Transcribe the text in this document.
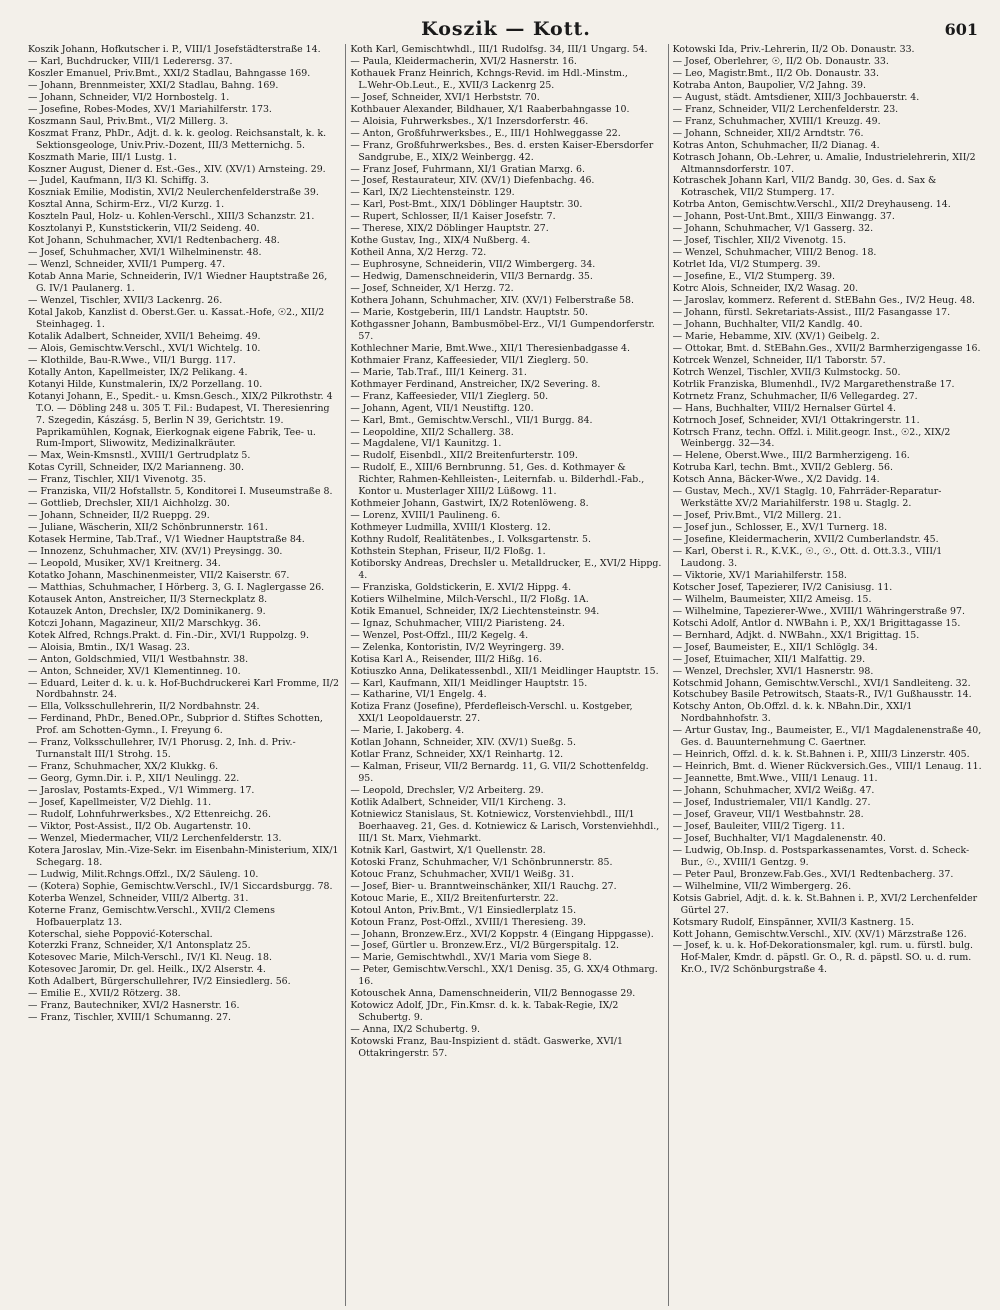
Koszik — Kott.	601

Koszik Johann, Hofkutscher i. P., VIII/1 Josefstädterstraße 14.

— Karl, Buchdrucker, VIII/1 Lederersg. 37.

Koszler Emanuel, Priv.Bmt., XXI/2 Stadlau, Bahngasse 169.

— Johann, Brennmeister, XXI/2 Stadlau, Bahng. 169.

— Johann, Schneider, VI/2 Hornbostelg. 1.

— Josefine, Robes-Modes, XV/1 Mariahilferstr. 173.

Koszmann Saul, Priv.Bmt., VI/2 Millerg. 3.

Koszmat Franz, PhDr., Adjt. d. k. k. geolog. Reichsanstalt, k. k. Sektionsgeologe, Univ.Priv.-Dozent, III/3 Metternichg. 5.

Koszmath Marie, III/1 Lustg. 1.

Koszner August, Diener d. Est.-Ges., XIV. (XV/1) Arnsteing. 29.

— Judel, Kaufmann, II/3 Kl. Schiffg. 3.

Koszniak Emilie, Modistin, XVI/2 Neulerchenfelderstraße 39.

Kosztal Anna, Schirm-Erz., VI/2 Kurzg. 1.

Koszteln Paul, Holz- u. Kohlen-Verschl., XIII/3 Schanzstr. 21.

Kosztolanyi P., Kunststickerin, VII/2 Seideng. 40.

Kot Johann, Schuhmacher, XVI/1 Redtenbacherg. 48.

— Josef, Schuhmacher, XVI/1 Wilhelminenstr. 48.

— Wenzl, Schneider, XVII/1 Pumperg. 47.

Kotab Anna Marie, Schneiderin, IV/1 Wiedner Hauptstraße 26, G. IV/1 Paulanerg. 1.

— Wenzel, Tischler, XVII/3 Lackenrg. 26.

Kotal Jakob, Kanzlist d. Oberst.Ger. u. Kassat.-Hofe, ☉2., XII/2 Steinhageg. 1.

Kotalik Adalbert, Schneider, XVII/1 Beheimg. 49.

— Alois, Gemischtw.Verschl., XVI/1 Wichtelg. 10.

— Klothilde, Bau-R.Wwe., VII/1 Burgg. 117.

Kotally Anton, Kapellmeister, IX/2 Pelikang. 4.

Kotanyi Hilde, Kunstmalerin, IX/2 Porzellang. 10.

Kotanyi Johann, E., Spedit.- u. Kmsn.Gesch., XIX/2 Pilkrothstr. 4 T.O. — Döbling 248 u. 305 T. Fil.: Budapest, VI. Theresienring 7. Szegedin, Kászásg. 5, Berlin N 39, Gerichtstr. 19. Paprikamühlen, Kognak, Eierkognak eigene Fabrik, Tee- u. Rum-Import, Sliwowitz, Medizinalkräuter.

— Max, Wein-Kmsnstl., XVIII/1 Gertrudplatz 5.

Kotas Cyrill, Schneider, IX/2 Marianneng. 30.

— Franz, Tischler, XII/1 Vivenotg. 35.

— Franziska, VII/2 Hofstallstr. 5, Konditorei I. Museumstraße 8.

— Gottlieb, Drechsler, XII/1 Aichholzg. 30.

— Johann, Schneider, II/2 Rueppg. 29.

— Juliane, Wäscherin, XII/2 Schönbrunnerstr. 161.

Kotasek Hermine, Tab.Traf., V/1 Wiedner Hauptstraße 84.

— Innozenz, Schuhmacher, XIV. (XV/1) Preysingg. 30.

— Leopold, Musiker, XV/1 Kreitnerg. 34.

Kotatko Johann, Maschinenmeister, VII/2 Kaiserstr. 67.

— Matthias, Schuhmacher, I Hörberg. 3, G. I. Naglergasse 26.

Kotausek Anton, Anstreicher, II/3 Sterneckplatz 8.

Kotauzek Anton, Drechsler, IX/2 Dominikanerg. 9.

Kotczi Johann, Magazineur, XII/2 Marschkyg. 36.

Kotek Alfred, Rchngs.Prakt. d. Fin.-Dir., XVI/1 Ruppolzg. 9.

— Aloisia, Bmtin., IX/1 Wasag. 23.

— Anton, Goldschmied, VII/1 Westbahnstr. 38.

— Anton, Schneider, XV/1 Klementinneg. 10.

— Eduard, Leiter d. k. u. k. Hof-Buchdruckerei Karl Fromme, II/2 Nordbahnstr. 24.

— Ella, Volksschullehrerin, II/2 Nordbahnstr. 24.

— Ferdinand, PhDr., Bened.OPr., Subprior d. Stiftes Schotten, Prof. am Schotten-Gymn., I. Freyung 6.

— Franz, Volksschullehrer, IV/1 Phorusg. 2, Inh. d. Priv.-Turnanstalt III/1 Strohg. 15.

— Franz, Schuhmacher, XX/2 Klukkg. 6.

— Georg, Gymn.Dir. i. P., XII/1 Neulingg. 22.

— Jaroslav, Postamts-Exped., V/1 Wimmerg. 17.

— Josef, Kapellmeister, V/2 Diehlg. 11.

— Rudolf, Lohnfuhrwerksbes., X/2 Ettenreichg. 26.

— Viktor, Post-Assist., II/2 Ob. Augartenstr. 10.

— Wenzel, Miedermacher, VII/2 Lerchenfelderstr. 13.

Kotera Jaroslav, Min.-Vize-Sekr. im Eisenbahn-Ministerium, XIX/1 Schegarg. 18.

— Ludwig, Milit.Rchngs.Offzl., IX/2 Säuleng. 10.

— (Kotera) Sophie, Gemischtw.Verschl., IV/1 Siccardsburgg. 78.

Koterba Wenzel, Schneider, VIII/2 Albertg. 31.

Koterne Franz, Gemischtw.Verschl., XVII/2 Clemens Hofbauerplatz 13.

Koterschal, siehe Poppović-Koterschal.

Koterzki Franz, Schneider, X/1 Antonsplatz 25.

Kotesovec Marie, Milch-Verschl., IV/1 Kl. Neug. 18.

Kotesovec Jaromir, Dr. gel. Heilk., IX/2 Alserstr. 4.

Koth Adalbert, Bürgerschullehrer, IV/2 Einsiedlerg. 56.

— Emilie E., XVII/2 Rötzerg. 38.

— Franz, Bautechniker, XVI/2 Hasnerstr. 16.

— Franz, Tischler, XVIII/1 Schumanng. 27.

Koth Karl, Gemischtwhdl., III/1 Rudolfsg. 34, III/1 Ungarg. 54.

— Paula, Kleidermacherin, XVI/2 Hasnerstr. 16.

Kothauek Franz Heinrich, Kchngs-Revid. im Hdl.-Minstm., L.Wehr-Ob.Leut., E., XVII/3 Lackenrg 25.

— Josef, Schneider, XVI/1 Herbststr. 70.

Kothbauer Alexander, Bildhauer, X/1 Raaberbahngasse 10.

— Aloisia, Fuhrwerksbes., X/1 Inzersdorferstr. 46.

— Anton, Großfuhrwerksbes., E., III/1 Hohlweggasse 22.

— Franz, Großfuhrwerksbes., Bes. d. ersten Kaiser-Ebersdorfer Sandgrube, E., XIX/2 Weinbergg. 42.

— Franz Josef, Fuhrmann, XI/1 Gratian Marxg. 6.

— Josef, Restaurateur, XIV. (XV/1) Diefenbachg. 46.

— Karl, IX/2 Liechtensteinstr. 129.

— Karl, Post-Bmt., XIX/1 Döblinger Hauptstr. 30.

— Rupert, Schlosser, II/1 Kaiser Josefstr. 7.

— Therese, XIX/2 Döblinger Hauptstr. 27.

Kothe Gustav, Ing., XIX/4 Nußberg. 4.

Kotheil Anna, X/2 Herzg. 72.

— Euphrosyne, Schneiderin, VII/2 Wimbergerg. 34.

— Hedwig, Damenschneiderin, VII/3 Bernardg. 35.

— Josef, Schneider, X/1 Herzg. 72.

Kothera Johann, Schuhmacher, XIV. (XV/1) Felberstraße 58.

— Marie, Kostgeberin, III/1 Landstr. Hauptstr. 50.

Kothgassner Johann, Bambusmöbel-Erz., VI/1 Gumpendorferstr. 57.

Kothlechner Marie, Bmt.Wwe., XII/1 Theresienbadgasse 4.

Kothmaier Franz, Kaffeesieder, VII/1 Zieglerg. 50.

— Marie, Tab.Traf., III/1 Keinerg. 31.

Kothmayer Ferdinand, Anstreicher, IX/2 Severing. 8.

— Franz, Kaffeesieder, VII/1 Zieglerg. 50.

— Johann, Agent, VII/1 Neustiftg. 120.

— Karl, Bmt., Gemischtw.Verschl., VII/1 Burgg. 84.

— Leopoldine, XII/2 Schallerg. 38.

— Magdalene, VI/1 Kaunitzg. 1.

— Rudolf, Eisenbdl., XII/2 Breitenfurterstr. 109.

— Rudolf, E., XIII/6 Bernbrunng. 51, Ges. d. Kothmayer & Richter, Rahmen-Kehlleisten-, Leiternfab. u. Bilderhdl.-Fab., Kontor u. Musterlager XIII/2 Lüßowg. 11.

Kothmeier Johann, Gastwirt, IX/2 Rotenlöweng. 8.

— Lorenz, XVIII/1 Paulineng. 6.

Kothmeyer Ludmilla, XVIII/1 Klosterg. 12.

Kothny Rudolf, Realitätenbes., I. Volksgartenstr. 5.

Kothstein Stephan, Friseur, II/2 Floßg. 1.

Kotiborsky Andreas, Drechsler u. Metalldrucker, E., XVI/2 Hippg. 4.

— Franziska, Goldstickerin, E. XVI/2 Hippg. 4.

Kotiers Wilhelmine, Milch-Verschl., II/2 Floßg. 1A.

Kotik Emanuel, Schneider, IX/2 Liechtensteinstr. 94.

— Ignaz, Schuhmacher, VIII/2 Piaristeng. 24.

— Wenzel, Post-Offzl., III/2 Kegelg. 4.

— Zelenka, Kontoristin, IV/2 Weyringerg. 39.

Kotisa Karl A., Reisender, III/2 Hißg. 16.

Kotiuszko Anna, Delikatessenbdl., XII/1 Meidlinger Hauptstr. 15.

— Karl, Kaufmann, XII/1 Meidlinger Hauptstr. 15.

— Katharine, VI/1 Engelg. 4.

Kotiza Franz (Josefine), Pferdefleisch-Verschl. u. Kostgeber, XXI/1 Leopoldauerstr. 27.

— Marie, I. Jakoberg. 4.

Kotlan Johann, Schneider, XIV. (XV/1) Sueßg. 5.

Kotlar Franz, Schneider, XX/1 Reinhartg. 12.

— Kalman, Friseur, VII/2 Bernardg. 11, G. VII/2 Schottenfeldg. 95.

— Leopold, Drechsler, V/2 Arbeiterg. 29.

Kotlik Adalbert, Schneider, VII/1 Kircheng. 3.

Kotniewicz Stanislaus, St. Kotniewicz, Vorstenviehbdl., III/1 Boerhaaveg. 21, Ges. d. Kotniewicz & Larisch, Vorstenviehhdl., III/1 St. Marx, Viehmarkt.

Kotnik Karl, Gastwirt, X/1 Quellenstr. 28.

Kotoski Franz, Schuhmacher, V/1 Schönbrunnerstr. 85.

Kotouc Franz, Schuhmacher, XVII/1 Weißg. 31.

— Josef, Bier- u. Branntweinschänker, XII/1 Rauchg. 27.

Kotouc Marie, E., XII/2 Breitenfurterstr. 22.

Kotoul Anton, Priv.Bmt., V/1 Einsiedlerplatz 15.

Kotoun Franz, Post-Offzl., XVIII/1 Theresieng. 39.

— Johann, Bronzew.Erz., XVI/2 Koppstr. 4 (Eingang Hippgasse).

— Josef, Gürtler u. Bronzew.Erz., VI/2 Bürgerspitalg. 12.

— Marie, Gemischtwhdl., XV/1 Maria vom Siege 8.

— Peter, Gemischtw.Verschl., XX/1 Denisg. 35, G. XX/4 Othmarg. 16.

Kotouschek Anna, Damenschneiderin, VII/2 Bennogasse 29.

Kotowicz Adolf, JDr., Fin.Kmsr. d. k. k. Tabak-Regie, IX/2 Schubertg. 9.

— Anna, IX/2 Schubertg. 9.

Kotowski Franz, Bau-Inspizient d. städt. Gaswerke, XVI/1 Ottakringerstr. 57.

Kotowski Ida, Priv.-Lehrerin, II/2 Ob. Donaustr. 33.

— Josef, Oberlehrer, ☉, II/2 Ob. Donaustr. 33.

— Leo, Magistr.Bmt., II/2 Ob. Donaustr. 33.

Kotraba Anton, Baupolier, V/2 Jahng. 39.

— August, städt. Amtsdiener, XIII/3 Jochbauerstr. 4.

— Franz, Schneider, VII/2 Lerchenfelderstr. 23.

— Franz, Schuhmacher, XVIII/1 Kreuzg. 49.

— Johann, Schneider, XII/2 Arndtstr. 76.

Kotras Anton, Schuhmacher, II/2 Dianag. 4.

Kotrasch Johann, Ob.-Lehrer, u. Amalie, Industrielehrerin, XII/2 Altmannsdorferstr. 107.

Kotraschek Johann Karl, VII/2 Bandg. 30, Ges. d. Sax & Kotraschek, VII/2 Stumperg. 17.

Kotrba Anton, Gemischtw.Verschl., XII/2 Dreyhauseng. 14.

— Johann, Post-Unt.Bmt., XIII/3 Einwangg. 37.

— Johann, Schuhmacher, V/1 Gasserg. 32.

— Josef, Tischler, XII/2 Vivenotg. 15.

— Wenzel, Schuhmacher, VIII/2 Benog. 18.

Kotrlet Ida, VI/2 Stumperg. 39.

— Josefine, E., VI/2 Stumperg. 39.

Kotrc Alois, Schneider, IX/2 Wasag. 20.

— Jaroslav, kommerz. Referent d. StEBahn Ges., IV/2 Heug. 48.

— Johann, fürstl. Sekretariats-Assist., III/2 Fasangasse 17.

— Johann, Buchhalter, VII/2 Kandlg. 40.

— Marie, Hebamme, XIV. (XV/1) Geibelg. 2.

— Ottokar, Bmt. d. StEBahn.Ges., XVII/2 Barmherzigengasse 16.

Kotrcek Wenzel, Schneider, II/1 Taborstr. 57.

Kotrch Wenzel, Tischler, XVII/3 Kulmstockg. 50.

Kotrlik Franziska, Blumenhdl., IV/2 Margarethenstraße 17.

Kotrnetz Franz, Schuhmacher, II/6 Vellegardeg. 27.

— Hans, Buchhalter, VIII/2 Hernalser Gürtel 4.

Kotrnoch Josef, Schneider, XVI/1 Ottakringerstr. 11.

Kotrsch Franz, techn. Offzl. i. Milit.geogr. Inst., ☉2., XIX/2 Weinbergg. 32—34.

— Helene, Oberst.Wwe., III/2 Barmherzigeng. 16.

Kotruba Karl, techn. Bmt., XVII/2 Geblerg. 56.

Kotsch Anna, Bäcker-Wwe., X/2 Davidg. 14.

— Gustav, Mech., XV/1 Staglg. 10, Fahrräder-Reparatur-Werkstätte XV/2 Mariahilferstr. 198 u. Staglg. 2.

— Josef, Priv.Bmt., VI/2 Millerg. 21.

— Josef jun., Schlosser, E., XV/1 Turnerg. 18.

— Josefine, Kleidermacherin, XVII/2 Cumberlandstr. 45.

— Karl, Oberst i. R., K.V.K., ☉., ☉., Ott. d. Ott.3.3., VIII/1 Laudong. 3.

— Viktorie, XV/1 Mariahilferstr. 158.

Kotscher Josef, Tapezierer, IV/2 Canisiusg. 11.

— Wilhelm, Baumeister, XII/2 Ameisg. 15.

— Wilhelmine, Tapezierer-Wwe., XVIII/1 Währingerstraße 97.

Kotschi Adolf, Antlor d. NWBahn i. P., XX/1 Brigittagasse 15.

— Bernhard, Adjkt. d. NWBahn., XX/1 Brigittag. 15.

— Josef, Baumeister, E., XII/1 Schlöglg. 34.

— Josef, Etuimacher, XII/1 Malfattig. 29.

— Wenzel, Drechsler, XVI/1 Hasnerstr. 98.

Kotschmid Johann, Gemischtw.Verschl., XVI/1 Sandleiteng. 32.

Kotschubey Basile Petrowitsch, Staats-R., IV/1 Gußhausstr. 14.

Kotschy Anton, Ob.Offzl. d. k. k. NBahn.Dir., XXI/1 Nordbahnhofstr. 3.

— Artur Gustav, Ing., Baumeister, E., VI/1 Magdalenenstraße 40, Ges. d. Bauunternehmung C. Gaertner.

— Heinrich, Offzl. d. k. k. St.Bahnen i. P., XIII/3 Linzerstr. 405.

— Heinrich, Bmt. d. Wiener Rückversich.Ges., VIII/1 Lenaug. 11.

— Jeannette, Bmt.Wwe., VIII/1 Lenaug. 11.

— Johann, Schuhmacher, XVI/2 Weißg. 47.

— Josef, Industriemaler, VII/1 Kandlg. 27.

— Josef, Graveur, VII/1 Westbahnstr. 28.

— Josef, Bauleiter, VIII/2 Tigerg. 11.

— Josef, Buchhalter, VI/1 Magdalenenstr. 40.

— Ludwig, Ob.Insp. d. Postsparkassenamtes, Vorst. d. Scheck-Bur., ☉., XVIII/1 Gentzg. 9.

— Peter Paul, Bronzew.Fab.Ges., XVI/1 Redtenbacherg. 37.

— Wilhelmine, VII/2 Wimbergerg. 26.

Kotsis Gabriel, Adjt. d. k. k. St.Bahnen i. P., XVI/2 Lerchenfelder Gürtel 27.

Kotsmary Rudolf, Einspänner, XVII/3 Kastnerg. 15.

Kott Johann, Gemischtw.Verschl., XIV. (XV/1) Märzstraße 126.

— Josef, k. u. k. Hof-Dekorationsmaler, kgl. rum. u. fürstl. bulg. Hof-Maler, Kmdr. d. päpstl. Gr. O., R. d. päpstl. SO. u. d. rum. Kr.O., IV/2 Schönburgstraße 4.
